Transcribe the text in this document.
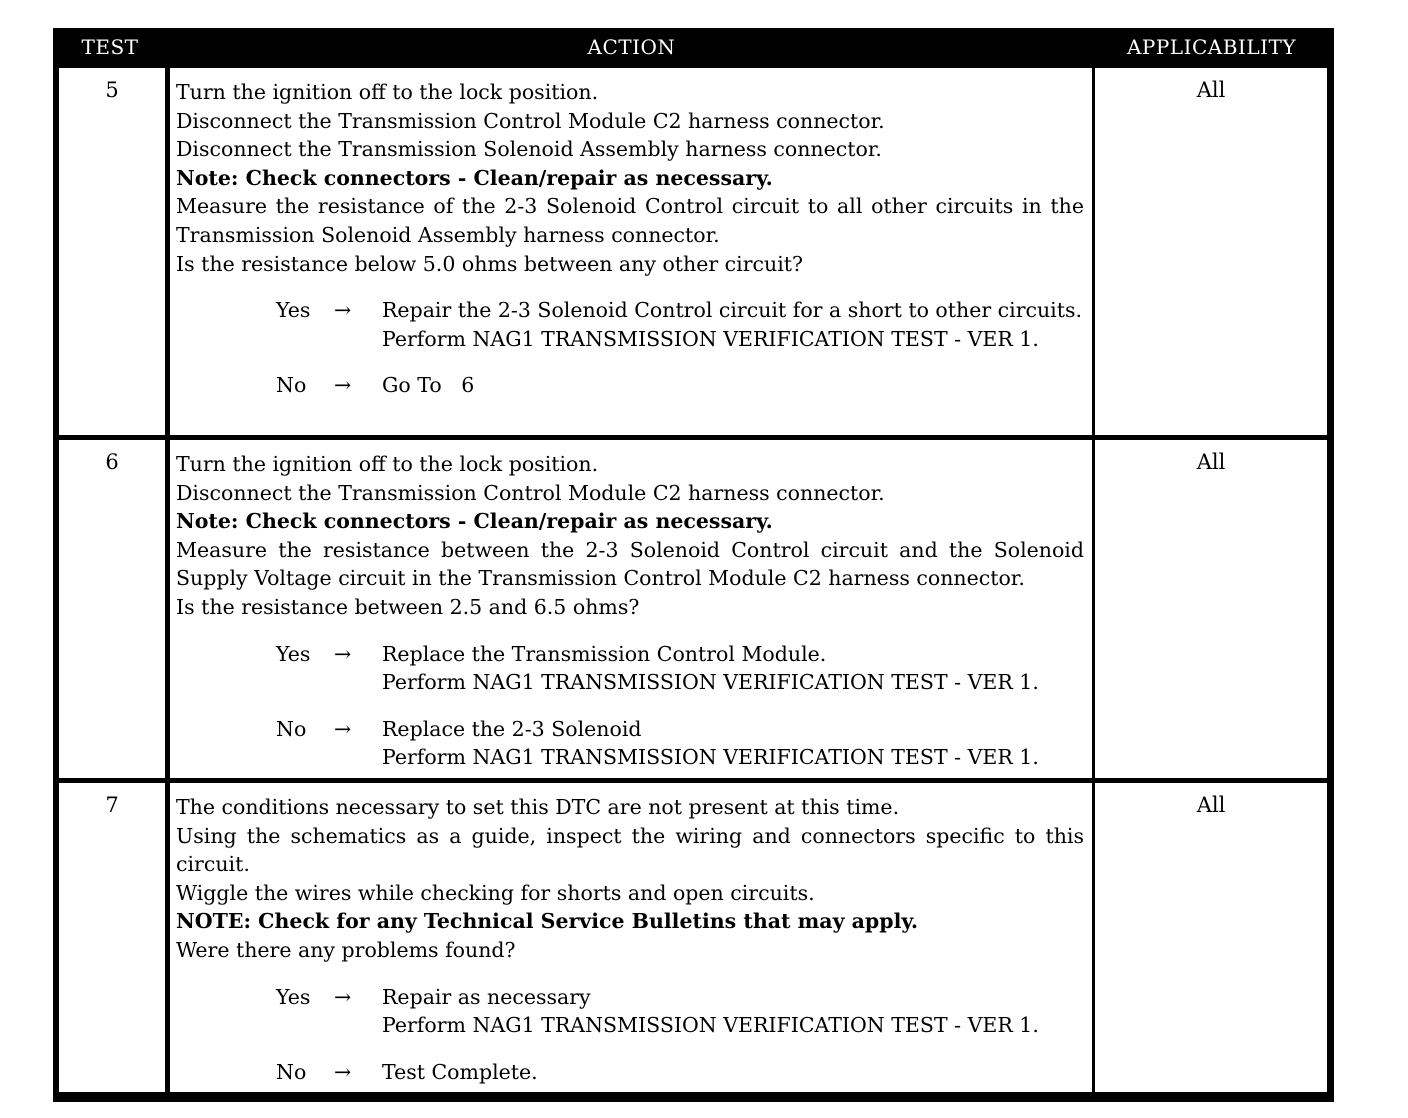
TEST	ACTION	APPLICABILITY
5	Turn the ignition off to the lock position.
Disconnect the Transmission Control Module C2 harness connector.
Disconnect the Transmission Solenoid Assembly harness connector.
Note: Check connectors - Clean/repair as necessary.
Measure the resistance of the 2-3 Solenoid Control circuit to all other circuits in the Transmission Solenoid Assembly harness connector.
Is the resistance below 5.0 ohms between any other circuit?
Yes	→	Repair the 2-3 Solenoid Control circuit for a short to other circuits.
Perform NAG1 TRANSMISSION VERIFICATION TEST - VER 1.
No	→	Go To   6
All
6	Turn the ignition off to the lock position.
Disconnect the Transmission Control Module C2 harness connector.
Note: Check connectors - Clean/repair as necessary.
Measure the resistance between the 2-3 Solenoid Control circuit and the Solenoid Supply Voltage circuit in the Transmission Control Module C2 harness connector.
Is the resistance between 2.5 and 6.5 ohms?
Yes	→	Replace the Transmission Control Module.
Perform NAG1 TRANSMISSION VERIFICATION TEST - VER 1.
No	→	Replace the 2-3 Solenoid
Perform NAG1 TRANSMISSION VERIFICATION TEST - VER 1.
All
7	The conditions necessary to set this DTC are not present at this time.
Using the schematics as a guide, inspect the wiring and connectors specific to this circuit.
Wiggle the wires while checking for shorts and open circuits.
NOTE: Check for any Technical Service Bulletins that may apply.
Were there any problems found?
Yes	→	Repair as necessary
Perform NAG1 TRANSMISSION VERIFICATION TEST - VER 1.
No	→	Test Complete.
All
